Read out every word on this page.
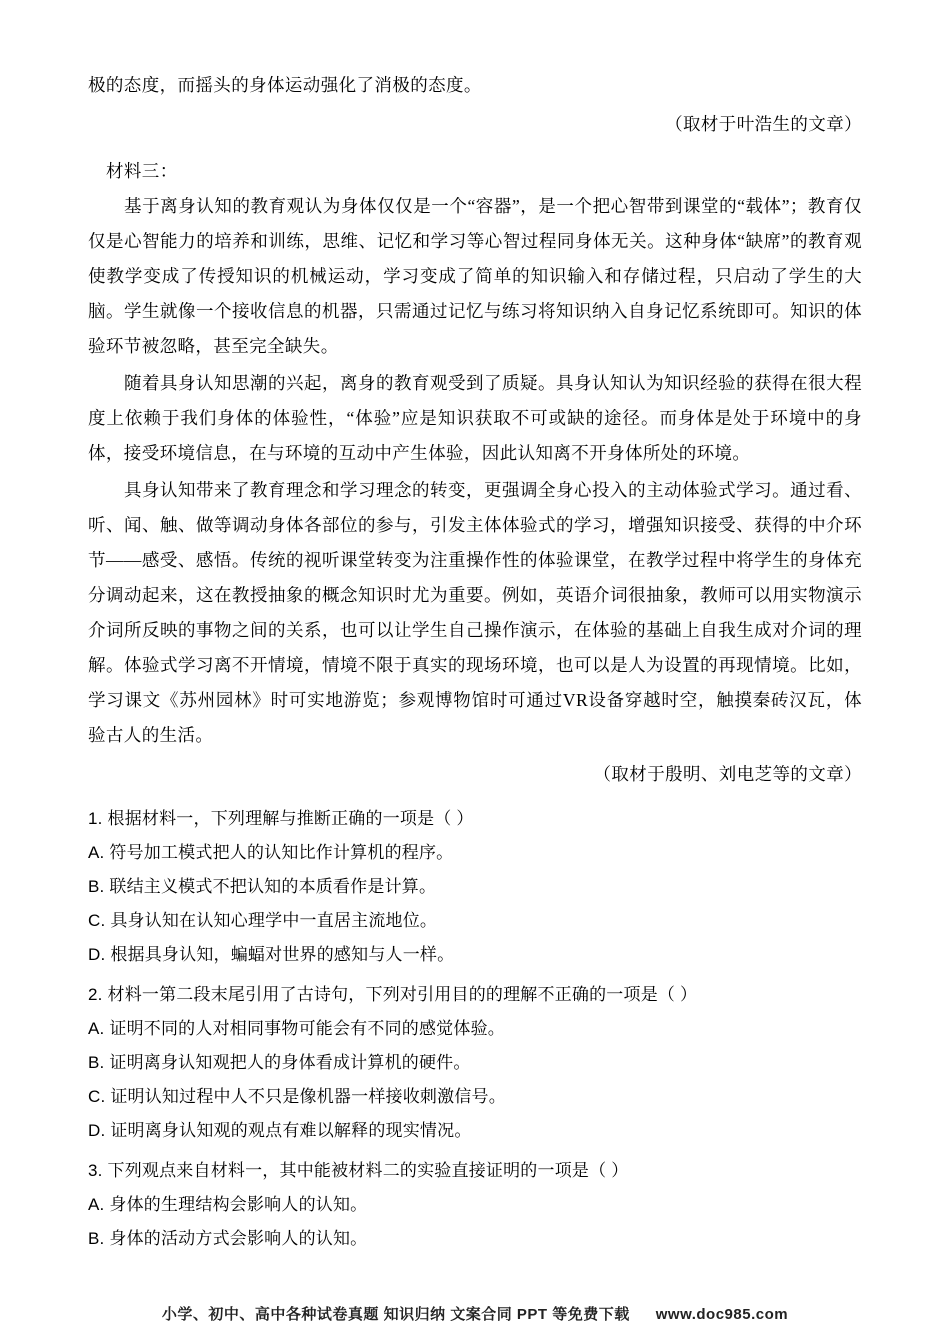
极的态度，而摇头的身体运动强化了消极的态度。

（取材于叶浩生的文章）

材料三：

基于离身认知的教育观认为身体仅仅是一个“容器”，是一个把心智带到课堂的“载体”；教育仅仅是心智能力的培养和训练，思维、记忆和学习等心智过程同身体无关。这种身体“缺席”的教育观使教学变成了传授知识的机械运动，学习变成了简单的知识输入和存储过程，只启动了学生的大脑。学生就像一个接收信息的机器，只需通过记忆与练习将知识纳入自身记忆系统即可。知识的体验环节被忽略，甚至完全缺失。

随着具身认知思潮的兴起，离身的教育观受到了质疑。具身认知认为知识经验的获得在很大程度上依赖于我们身体的体验性，“体验”应是知识获取不可或缺的途径。而身体是处于环境中的身体，接受环境信息，在与环境的互动中产生体验，因此认知离不开身体所处的环境。

具身认知带来了教育理念和学习理念的转变，更强调全身心投入的主动体验式学习。通过看、听、闻、触、做等调动身体各部位的参与，引发主体体验式的学习，增强知识接受、获得的中介环节——感受、感悟。传统的视听课堂转变为注重操作性的体验课堂，在教学过程中将学生的身体充分调动起来，这在教授抽象的概念知识时尤为重要。例如，英语介词很抽象，教师可以用实物演示介词所反映的事物之间的关系，也可以让学生自己操作演示，在体验的基础上自我生成对介词的理解。体验式学习离不开情境，情境不限于真实的现场环境，也可以是人为设置的再现情境。比如，学习课文《苏州园林》时可实地游览；参观博物馆时可通过VR设备穿越时空，触摸秦砖汉瓦，体验古人的生活。

（取材于殷明、刘电芝等的文章）

1. 根据材料一，下列理解与推断正确的一项是（ ）

A. 符号加工模式把人的认知比作计算机的程序。

B. 联结主义模式不把认知的本质看作是计算。

C. 具身认知在认知心理学中一直居主流地位。

D. 根据具身认知，蝙蝠对世界的感知与人一样。

2. 材料一第二段末尾引用了古诗句，下列对引用目的的理解不正确的一项是（ ）

A. 证明不同的人对相同事物可能会有不同的感觉体验。

B. 证明离身认知观把人的身体看成计算机的硬件。

C. 证明认知过程中人不只是像机器一样接收刺激信号。

D. 证明离身认知观的观点有难以解释的现实情况。

3. 下列观点来自材料一，其中能被材料二的实验直接证明的一项是（ ）

A. 身体的生理结构会影响人的认知。

B. 身体的活动方式会影响人的认知。

小学、初中、高中各种试卷真题 知识归纳 文案合同 PPT 等免费下载 www.doc985.com
